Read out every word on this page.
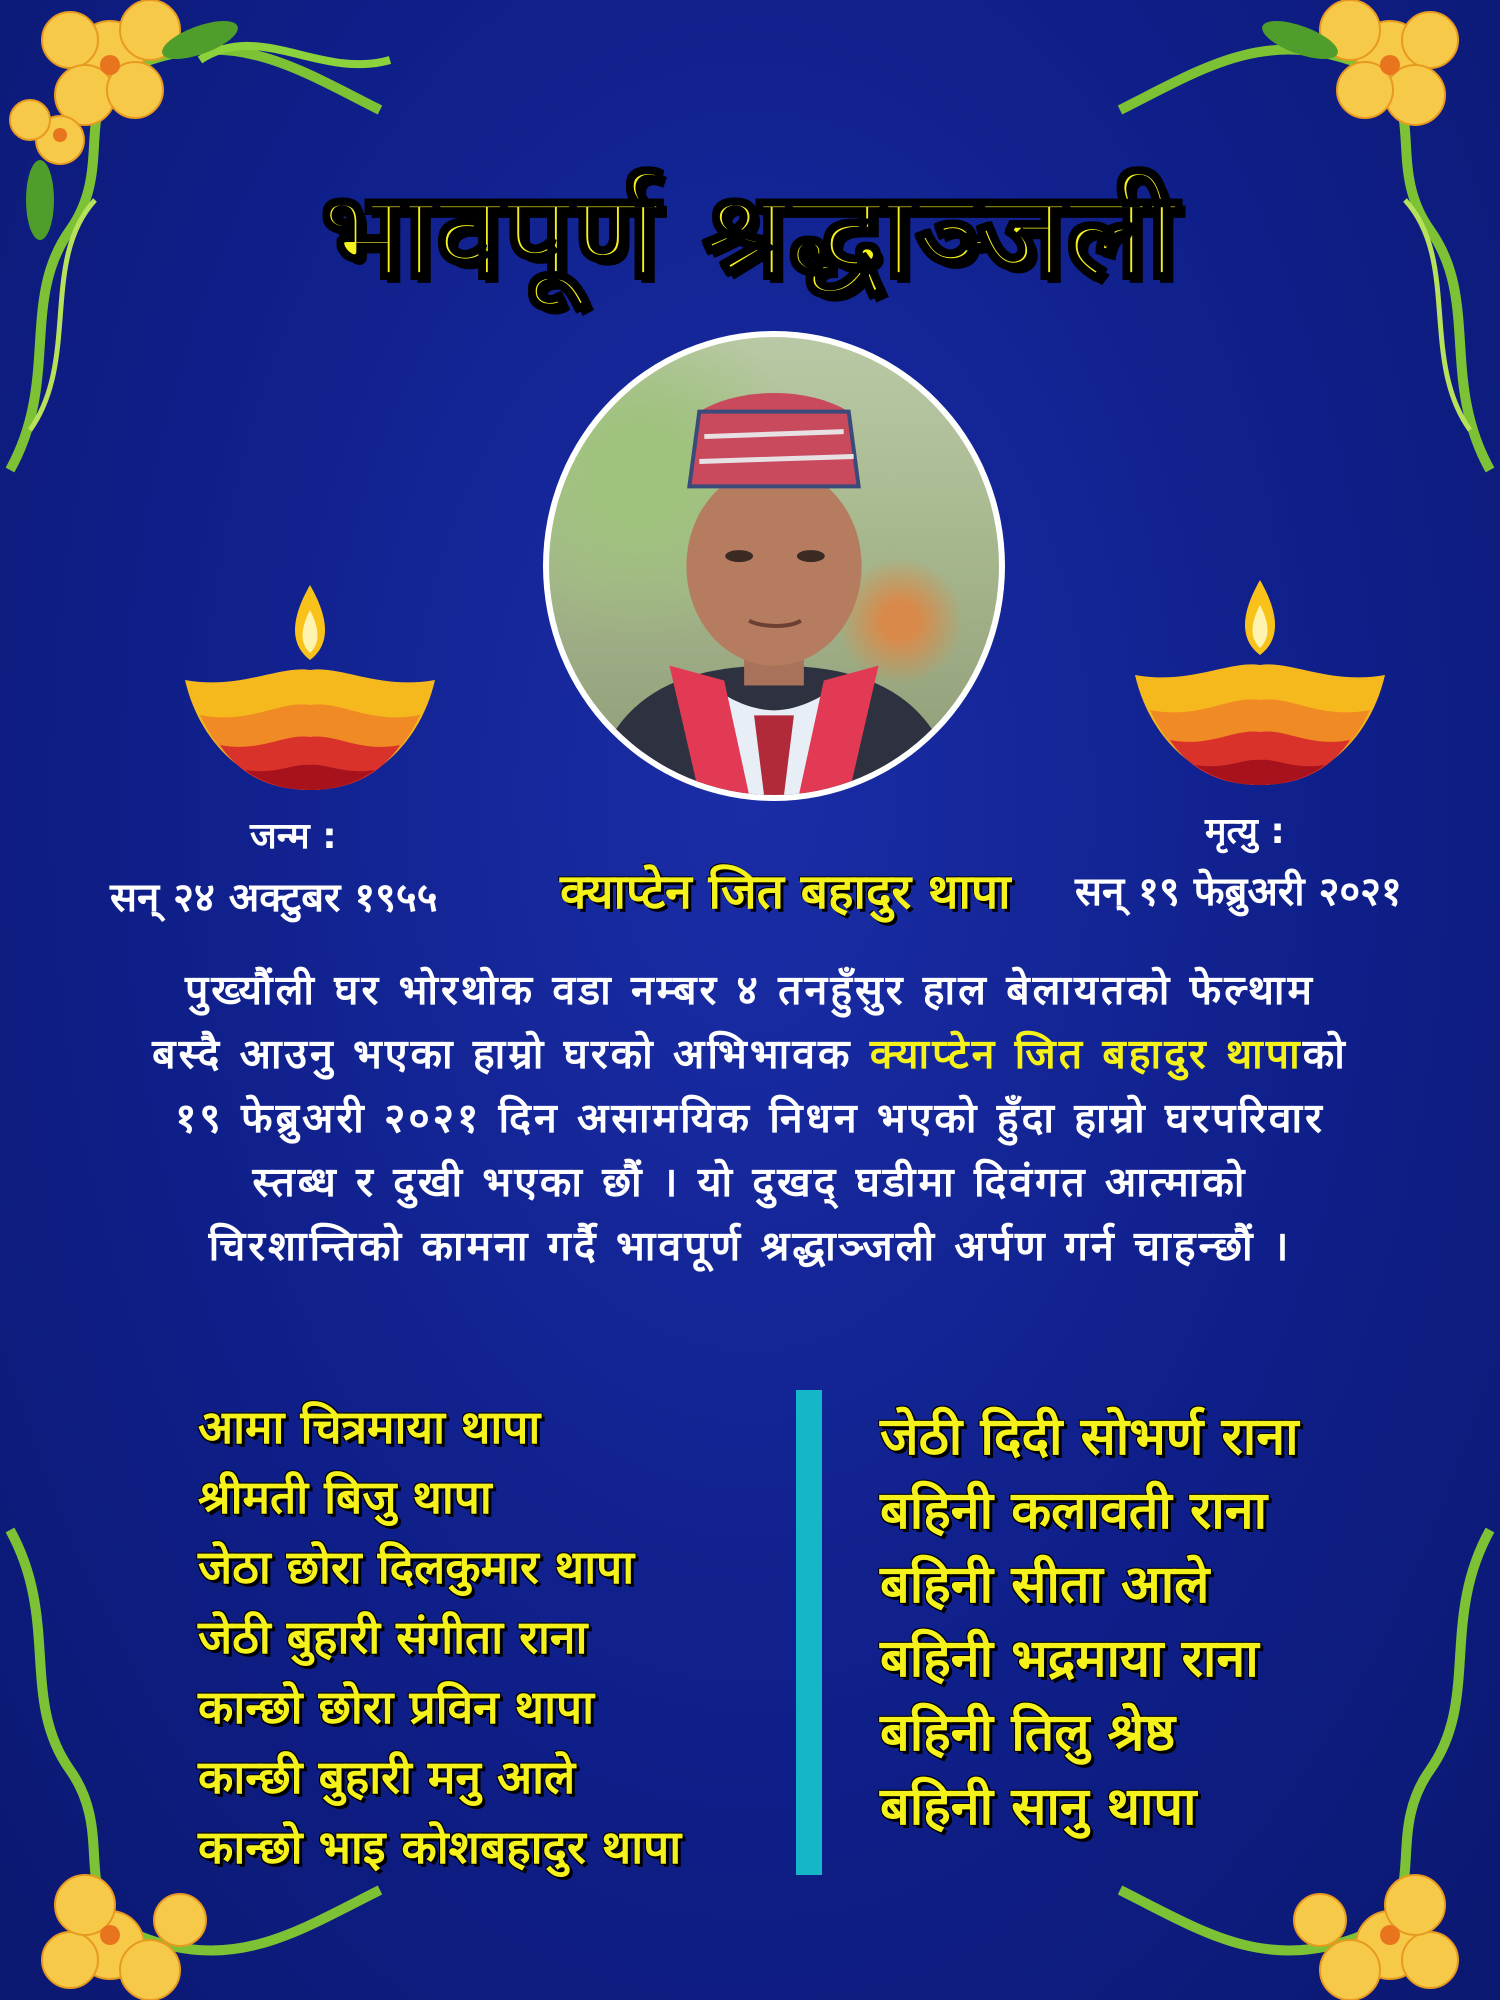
भावपूर्ण श्रद्धाञ्जली
जन्म :
सन् २४ अक्टुबर १९५५	क्याप्टेन जित बहादुर थापा
मृत्यु :
सन् १९ फेब्रुअरी २०२१

पुख्यौंली घर भोरथोक वडा नम्बर ४ तनहुँसुर हाल बेलायतको फेल्थाम

बस्दै आउनु भएका हाम्रो घरको अभिभावक क्याप्टेन जित बहादुर थापाको

१९ फेब्रुअरी २०२१ दिन असामयिक निधन भएको हुँदा हाम्रो घरपरिवार

स्तब्ध र दुखी भएका छौं । यो दुखद् घडीमा दिवंगत आत्माको

चिरशान्तिको कामना गर्दै भावपूर्ण श्रद्धाञ्जली अर्पण गर्न चाहन्छौं ।

आमा चित्रमाया थापा
श्रीमती बिजु थापा
जेठा छोरा दिलकुमार थापा
जेठी बुहारी संगीता राना
कान्छो छोरा प्रविन थापा
कान्छी बुहारी मनु आले
कान्छो भाइ कोशबहादुर थापा
जेठी दिदी सोभर्ण राना
बहिनी कलावती राना
बहिनी सीता आले
बहिनी भद्रमाया राना
बहिनी तिलु श्रेष्ठ
बहिनी सानु थापा
